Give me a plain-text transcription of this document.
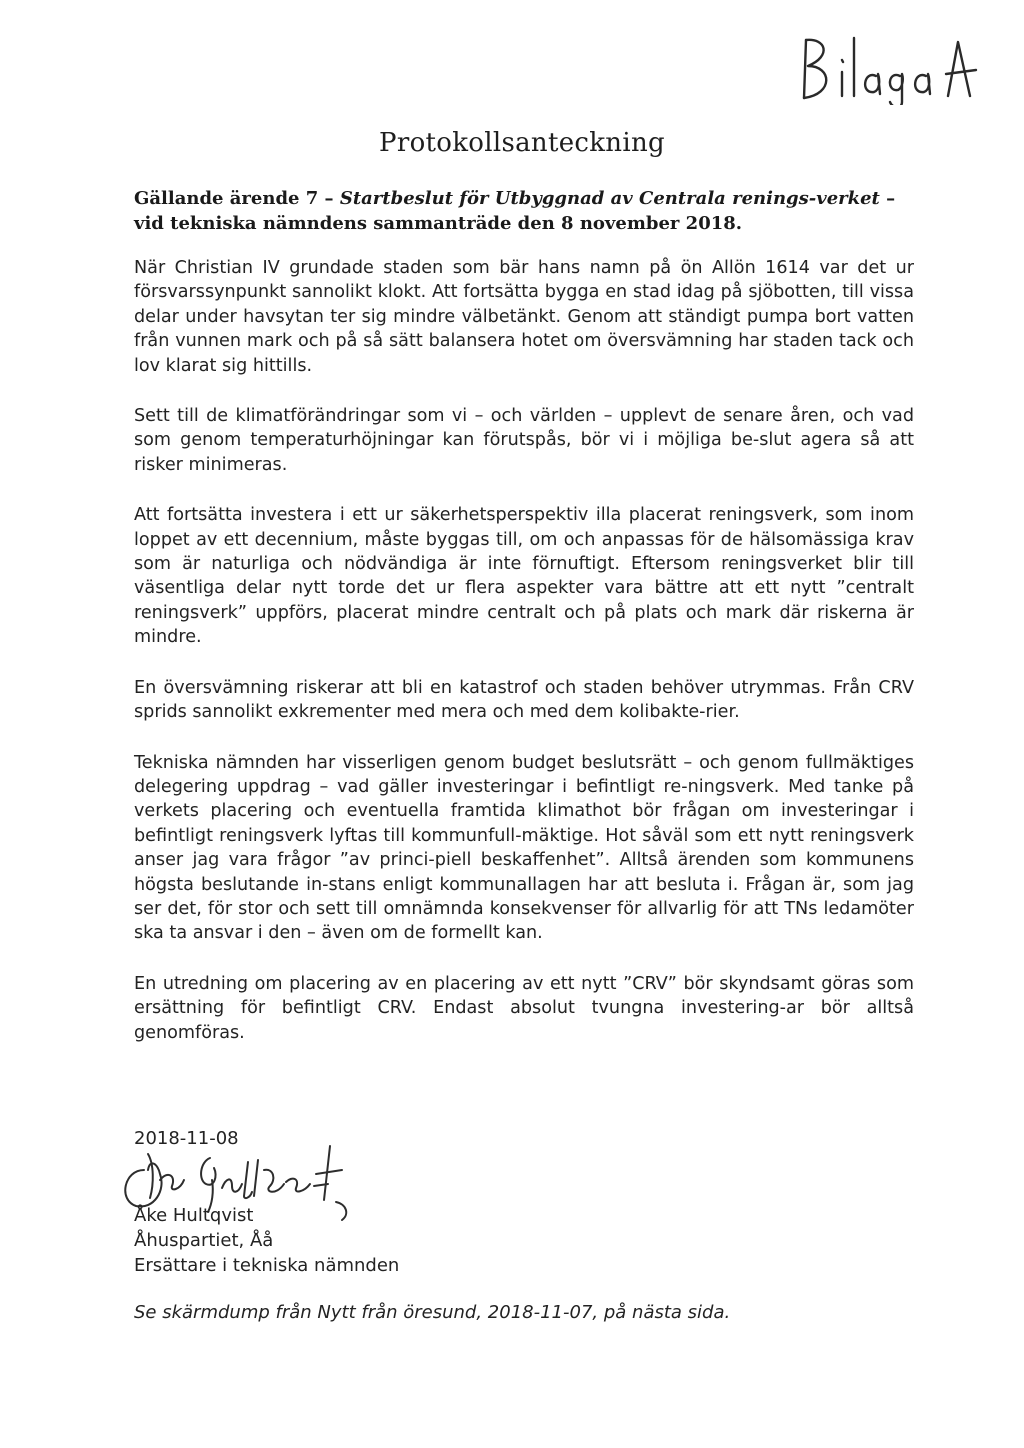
Protokollsanteckning
Gällande ärende 7 – Startbeslut för Utbyggnad av Centrala renings-verket – vid tekniska nämndens sammanträde den 8 november 2018.

När Christian IV grundade staden som bär hans namn på ön Allön 1614 var det ur försvarssynpunkt sannolikt klokt. Att fortsätta bygga en stad idag på sjöbotten, till vissa delar under havsytan ter sig mindre välbetänkt. Genom att ständigt pumpa bort vatten från vunnen mark och på så sätt balansera hotet om översvämning har staden tack och lov klarat sig hittills.

Sett till de klimatförändringar som vi – och världen – upplevt de senare åren, och vad som genom temperaturhöjningar kan förutspås, bör vi i möjliga be-slut agera så att risker minimeras.

Att fortsätta investera i ett ur säkerhetsperspektiv illa placerat reningsverk, som inom loppet av ett decennium, måste byggas till, om och anpassas för de hälsomässiga krav som är naturliga och nödvändiga är inte förnuftigt. Eftersom reningsverket blir till väsentliga delar nytt torde det ur flera aspekter vara bättre att ett nytt ”centralt reningsverk” uppförs, placerat mindre centralt och på plats och mark där riskerna är mindre.

En översvämning riskerar att bli en katastrof och staden behöver utrymmas. Från CRV sprids sannolikt exkrementer med mera och med dem kolibakte-rier.

Tekniska nämnden har visserligen genom budget beslutsrätt – och genom fullmäktiges delegering uppdrag – vad gäller investeringar i befintligt re-ningsverk. Med tanke på verkets placering och eventuella framtida klimathot bör frågan om investeringar i befintligt reningsverk lyftas till kommunfull-mäktige. Hot såväl som ett nytt reningsverk anser jag vara frågor ”av princi-piell beskaffenhet”. Alltså ärenden som kommunens högsta beslutande in-stans enligt kommunallagen har att besluta i. Frågan är, som jag ser det, för stor och sett till omnämnda konsekvenser för allvarlig för att TNs ledamöter ska ta ansvar i den – även om de formellt kan.

En utredning om placering av en placering av ett nytt ”CRV” bör skyndsamt göras som ersättning för befintligt CRV. Endast absolut tvungna investering-ar bör alltså genomföras.

2018-11-08
Åke Hultqvist
Åhuspartiet, Åå
Ersättare i tekniska nämnden
Se skärmdump från Nytt från öresund, 2018-11-07, på nästa sida.
